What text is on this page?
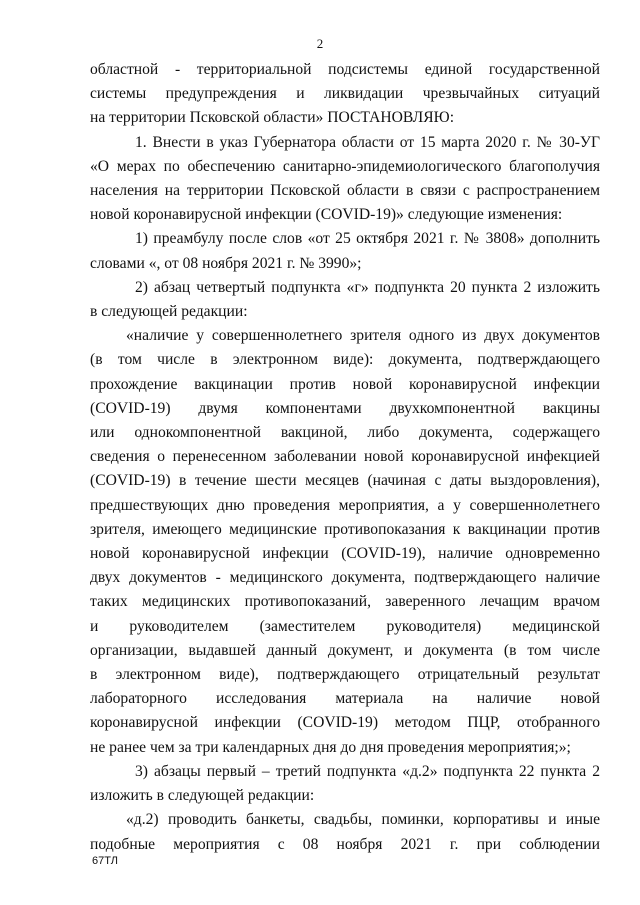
2
областной - территориальной подсистемы единой государственной
системы предупреждения и ликвидации чрезвычайных ситуаций
на территории Псковской области» ПОСТАНОВЛЯЮ:
1. Внести в указ Губернатора области от 15 марта 2020 г. № 30-УГ
«О мерах по обеспечению санитарно-эпидемиологического благополучия
населения на территории Псковской области в связи с распространением
новой коронавирусной инфекции (COVID-19)» следующие изменения:
1) преамбулу после слов «от 25 октября 2021 г. № 3808» дополнить
словами «, от 08 ноября 2021 г. № 3990»;
2) абзац четвертый подпункта «г» подпункта 20 пункта 2 изложить
в следующей редакции:
«наличие у совершеннолетнего зрителя одного из двух документов
(в том числе в электронном виде): документа, подтверждающего
прохождение вакцинации против новой коронавирусной инфекции
(COVID-19) двумя компонентами двухкомпонентной вакцины
или однокомпонентной вакциной, либо документа, содержащего
сведения о перенесенном заболевании новой коронавирусной инфекцией
(COVID-19) в течение шести месяцев (начиная с даты выздоровления),
предшествующих дню проведения мероприятия, а у совершеннолетнего
зрителя, имеющего медицинские противопоказания к вакцинации против
новой коронавирусной инфекции (COVID-19), наличие одновременно
двух документов - медицинского документа, подтверждающего наличие
таких медицинских противопоказаний, заверенного лечащим врачом
и руководителем (заместителем руководителя) медицинской
организации, выдавшей данный документ, и документа (в том числе
в электронном виде), подтверждающего отрицательный результат
лабораторного исследования материала на наличие новой
коронавирусной инфекции (COVID-19) методом ПЦР, отобранного
не ранее чем за три календарных дня до дня проведения мероприятия;»;
3) абзацы первый – третий подпункта «д.2» подпункта 22 пункта 2
изложить в следующей редакции:
«д.2) проводить банкеты, свадьбы, поминки, корпоративы и иные
подобные мероприятия с 08 ноября 2021 г. при соблюдении
67ТЛ
